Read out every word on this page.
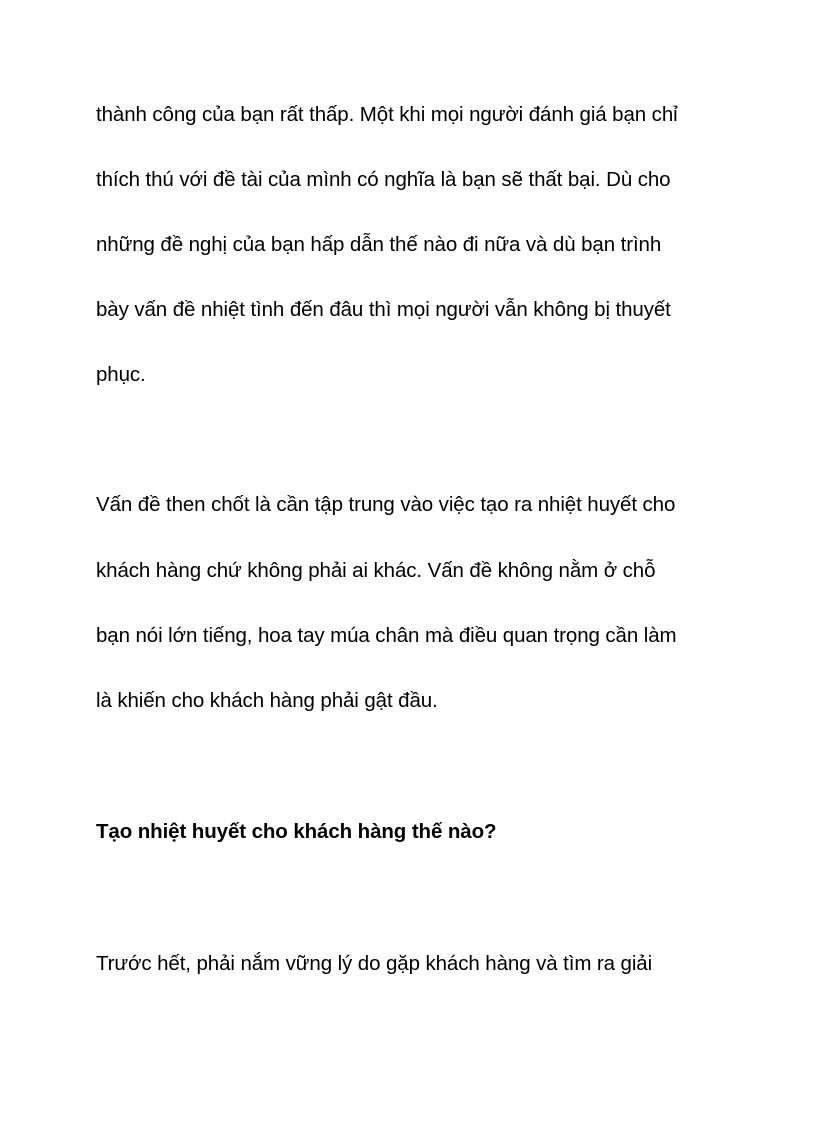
thành công của bạn rất thấp. Một khi mọi người đánh giá bạn chỉ
thích thú với đề tài của mình có nghĩa là bạn sẽ thất bại. Dù cho
những đề nghị của bạn hấp dẫn thế nào đi nữa và dù bạn trình
bày vấn đề nhiệt tình đến đâu thì mọi người vẫn không bị thuyết
phục.
Vấn đề then chốt là cần tập trung vào việc tạo ra nhiệt huyết cho
khách hàng chứ không phải ai khác. Vấn đề không nằm ở chỗ
bạn nói lớn tiếng, hoa tay múa chân mà điều quan trọng cần làm
là khiến cho khách hàng phải gật đầu.
Tạo nhiệt huyết cho khách hàng thế nào?
Trước hết, phải nắm vững lý do gặp khách hàng và tìm ra giải
